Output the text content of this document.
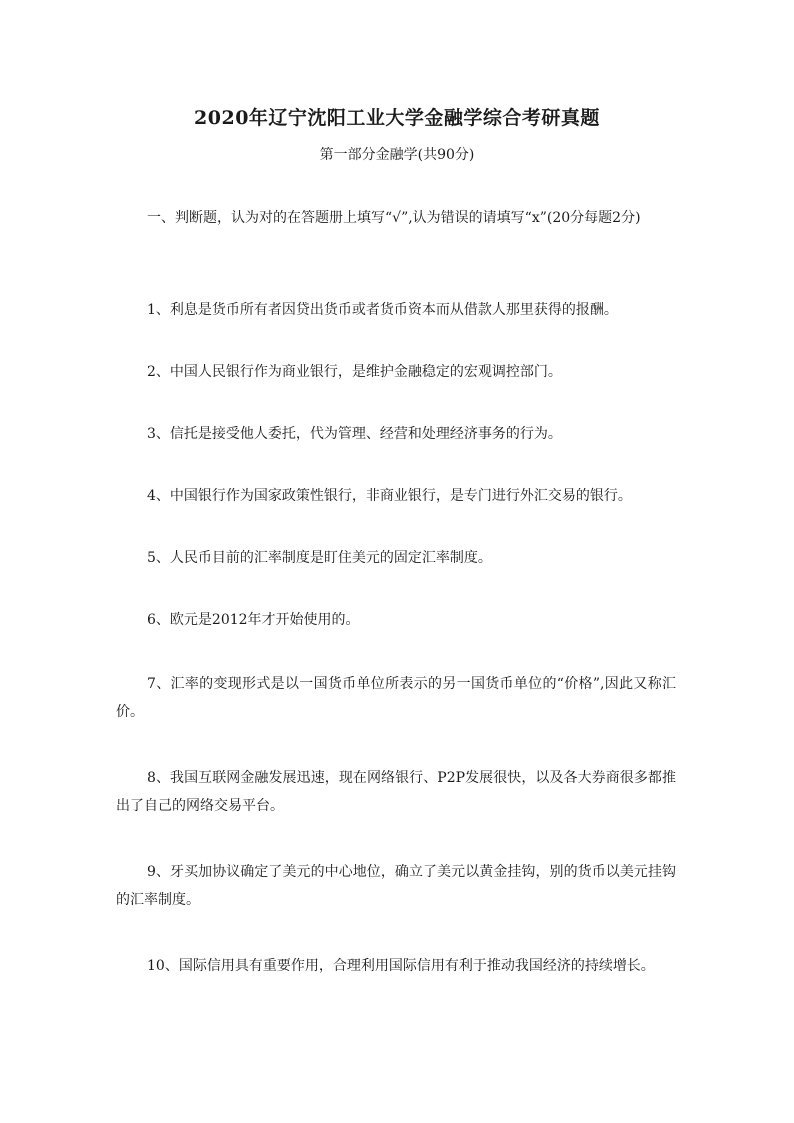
2020年辽宁沈阳工业大学金融学综合考研真题
第一部分金融学(共90分)
一、判断题，认为对的在答题册上填写“√”,认为错误的请填写“x”(20分每题2分)
1、利息是货币所有者因贷出货币或者货币资本而从借款人那里获得的报酬。
2、中国人民银行作为商业银行，是维护金融稳定的宏观调控部门。
3、信托是接受他人委托，代为管理、经营和处理经济事务的行为。
4、中国银行作为国家政策性银行，非商业银行，是专门进行外汇交易的银行。
5、人民币目前的汇率制度是盯住美元的固定汇率制度。
6、欧元是2012年才开始使用的。
7、汇率的变现形式是以一国货币单位所表示的另一国货币单位的“价格”,因此又称汇价。
8、我国互联网金融发展迅速，现在网络银行、P2P发展很快，以及各大券商很多都推出了自己的网络交易平台。
9、牙买加协议确定了美元的中心地位，确立了美元以黄金挂钩，别的货币以美元挂钩的汇率制度。
10、国际信用具有重要作用，合理利用国际信用有利于推动我国经济的持续增长。
